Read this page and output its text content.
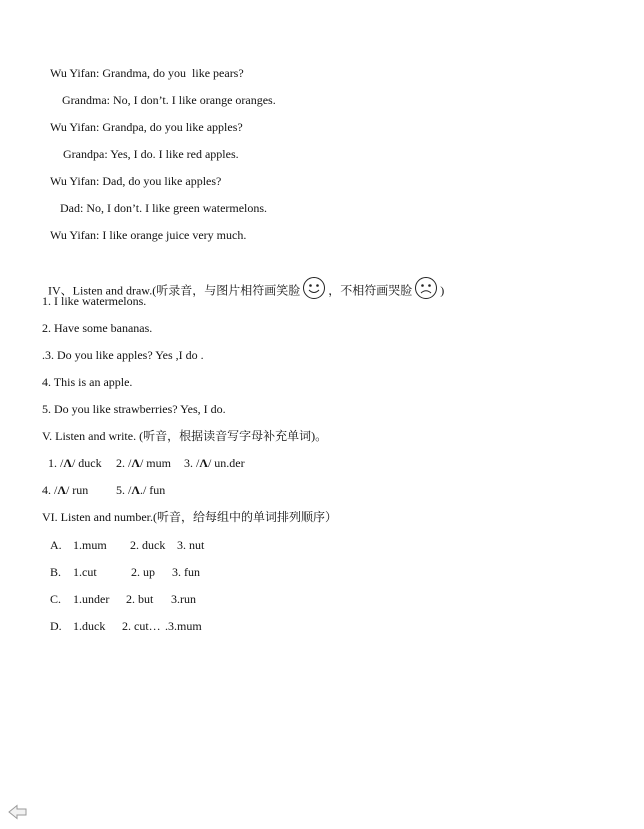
Wu Yifan: Grandma, do you  like pears?
Grandma: No, I don’t. I like orange oranges.
Wu Yifan: Grandpa, do you like apples?
Grandpa: Yes, I do. I like red apples.
Wu Yifan: Dad, do you like apples?
Dad: No, I don’t. I like green watermelons.
Wu Yifan: I like orange juice very much.

IV、Listen and draw.(听录音，与图片相符画笑脸 ，不相符画哭脸 )

1. I like watermelons.
2. Have some bananas.
.3. Do you like apples? Yes ,I do .
4. This is an apple.
5. Do you like strawberries? Yes, I do.
V. Listen and write. (听音，根据读音写字母补充单词)。
1. /Λ/ duck 2. /Λ/ mum 3. /Λ/ un.der
4. /Λ/ run 5. /Λ./ fun
VI. Listen and number.(听音，给每组中的单词排列顺序）
A. 1.mum 2. duck 3. nut
B. 1.cut	2. up 3. fun
C. 1.under 2. but 3.run
D. 1.duck 2. cut… .3.mum
